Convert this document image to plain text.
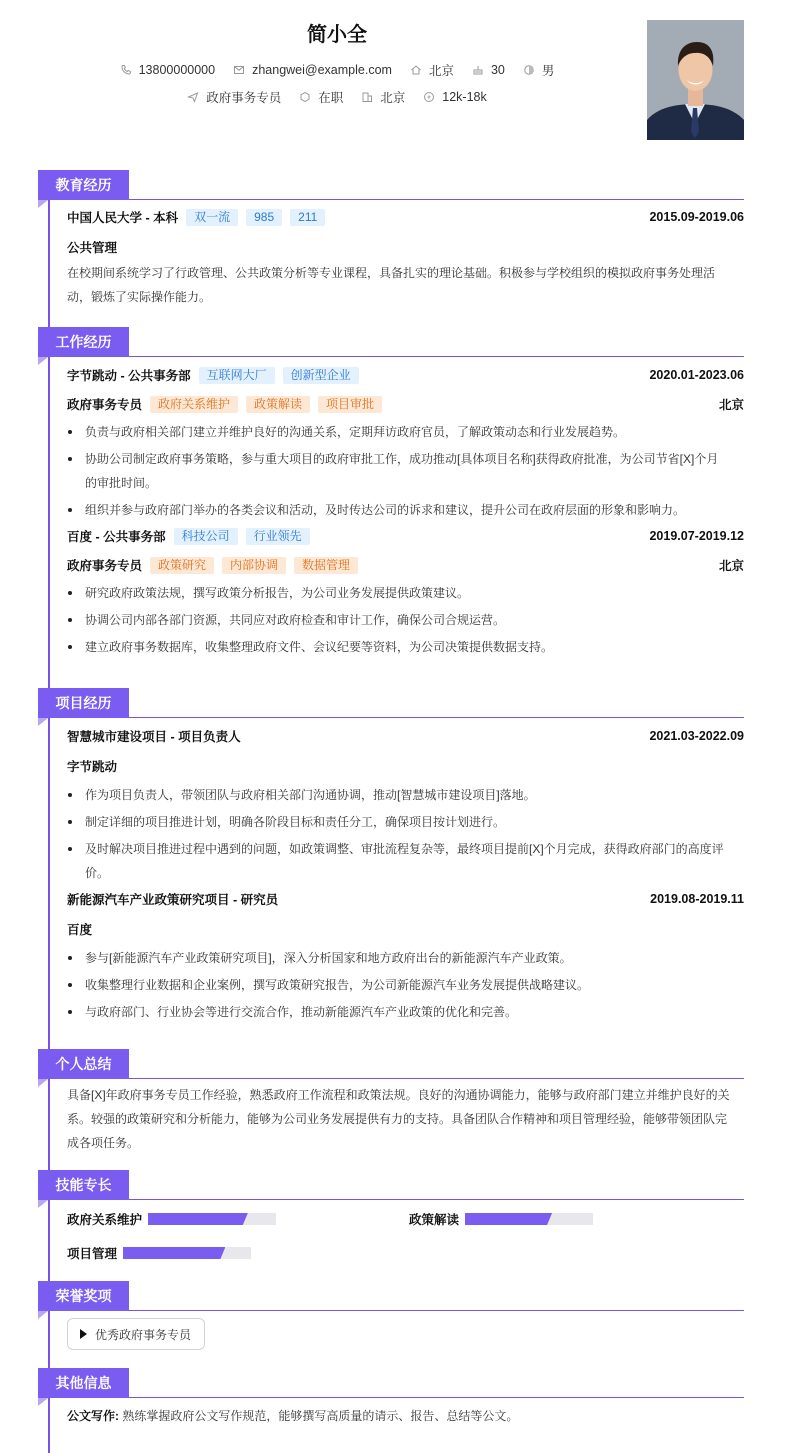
简小全
13800000000	zhangwei@example.com	北京	30	男
政府事务专员	在职	北京	12k-18k
教育经历
中国人民大学 - 本科	双一流	985	211	2015.09-2019.06
公共管理
在校期间系统学习了行政管理、公共政策分析等专业课程，具备扎实的理论基础。积极参与学校组织的模拟政府事务处理活动，锻炼了实际操作能力。
工作经历
字节跳动 - 公共事务部	互联网大厂	创新型企业	2020.01-2023.06
政府事务专员	政府关系维护	政策解读	项目审批	北京
负责与政府相关部门建立并维护良好的沟通关系，定期拜访政府官员，了解政策动态和行业发展趋势。
协助公司制定政府事务策略，参与重大项目的政府审批工作，成功推动[具体项目名称]获得政府批准，为公司节省[X]个月的审批时间。
组织并参与政府部门举办的各类会议和活动，及时传达公司的诉求和建议，提升公司在政府层面的形象和影响力。
百度 - 公共事务部	科技公司	行业领先	2019.07-2019.12
政府事务专员	政策研究	内部协调	数据管理	北京
研究政府政策法规，撰写政策分析报告，为公司业务发展提供政策建议。
协调公司内部各部门资源，共同应对政府检查和审计工作，确保公司合规运营。
建立政府事务数据库，收集整理政府文件、会议纪要等资料，为公司决策提供数据支持。
项目经历
智慧城市建设项目 - 项目负责人	2021.03-2022.09
字节跳动
作为项目负责人，带领团队与政府相关部门沟通协调，推动[智慧城市建设项目]落地。
制定详细的项目推进计划，明确各阶段目标和责任分工，确保项目按计划进行。
及时解决项目推进过程中遇到的问题，如政策调整、审批流程复杂等，最终项目提前[X]个月完成，获得政府部门的高度评价。
新能源汽车产业政策研究项目 - 研究员	2019.08-2019.11
百度
参与[新能源汽车产业政策研究项目]，深入分析国家和地方政府出台的新能源汽车产业政策。
收集整理行业数据和企业案例，撰写政策研究报告，为公司新能源汽车业务发展提供战略建议。
与政府部门、行业协会等进行交流合作，推动新能源汽车产业政策的优化和完善。
个人总结
具备[X]年政府事务专员工作经验，熟悉政府工作流程和政策法规。良好的沟通协调能力，能够与政府部门建立并维护良好的关系。较强的政策研究和分析能力，能够为公司业务发展提供有力的支持。具备团队合作精神和项目管理经验，能够带领团队完成各项任务。
技能专长
政府关系维护	政策解读
项目管理
荣誉奖项
优秀政府事务专员
其他信息
公文写作: 熟练掌握政府公文写作规范，能够撰写高质量的请示、报告、总结等公文。
